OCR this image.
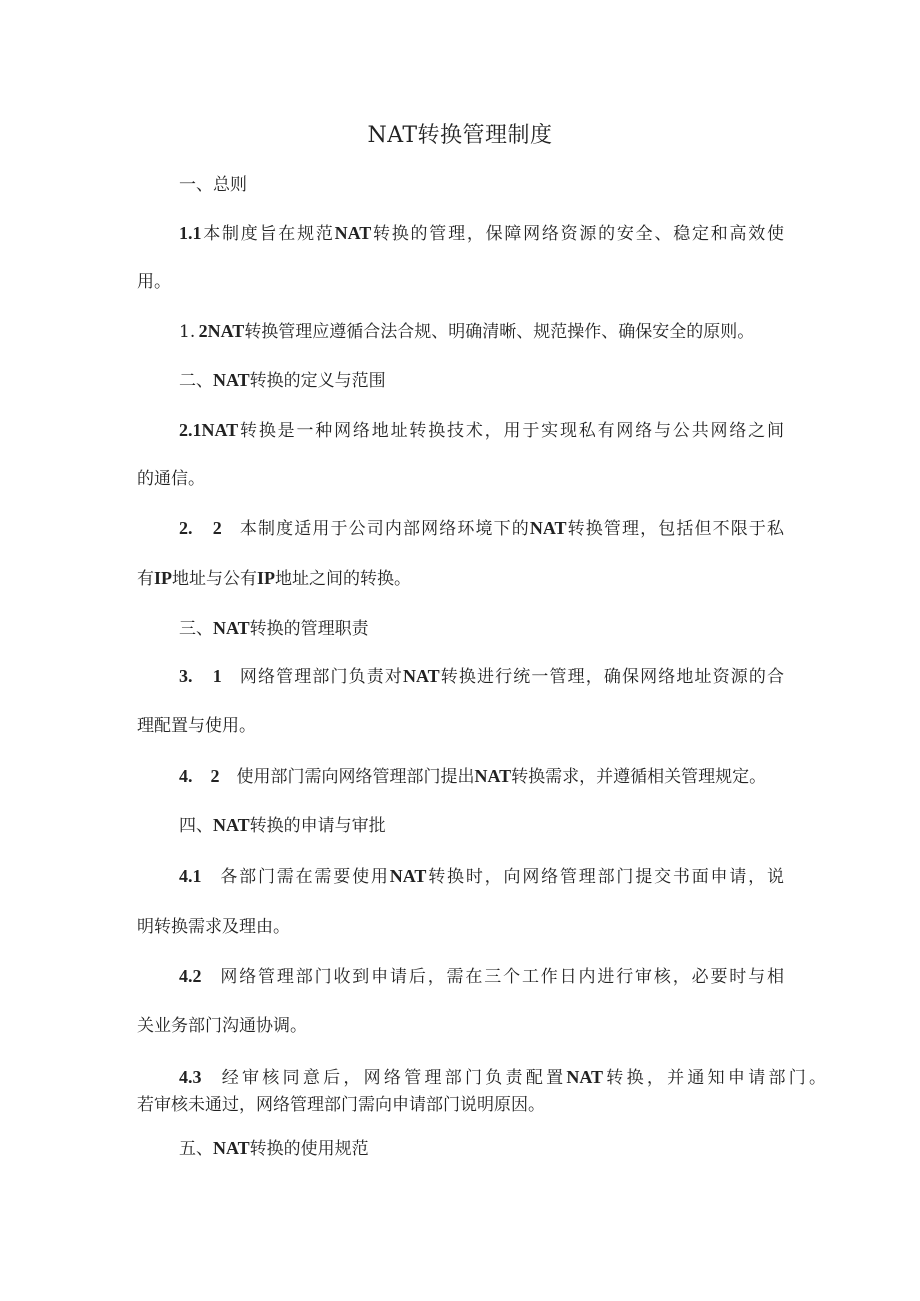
NAT转换管理制度
一、总则
1.1本制度旨在规范NAT转换的管理，保障网络资源的安全、稳定和高效使
用。
1.  2NAT转换管理应遵循合法合规、明确清晰、规范操作、确保安全的原则。
二、NAT转换的定义与范围
2.1NAT转换是一种网络地址转换技术，用于实现私有网络与公共网络之间
的通信。
2.　2  本制度适用于公司内部网络环境下的NAT转换管理，包括但不限于私
有IP地址与公有IP地址之间的转换。
三、NAT转换的管理职责
3.　1  网络管理部门负责对NAT转换进行统一管理，确保网络地址资源的合
理配置与使用。
4.　2  使用部门需向网络管理部门提出NAT转换需求，并遵循相关管理规定。
四、NAT转换的申请与审批
4.1  各部门需在需要使用NAT转换时，向网络管理部门提交书面申请，说
明转换需求及理由。
4.2  网络管理部门收到申请后，需在三个工作日内进行审核，必要时与相
关业务部门沟通协调。
4.3  经审核同意后，网络管理部门负责配置NAT转换，并通知申请部门。
若审核未通过，网络管理部门需向申请部门说明原因。
五、NAT转换的使用规范
